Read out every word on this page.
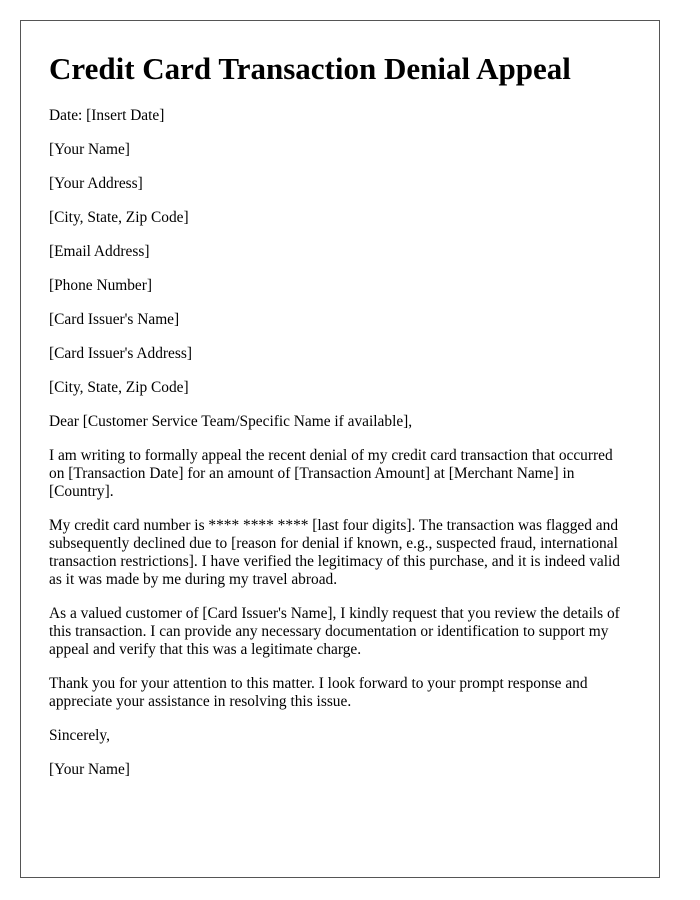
Credit Card Transaction Denial Appeal

Date: [Insert Date]

[Your Name]

[Your Address]

[City, State, Zip Code]

[Email Address]

[Phone Number]

[Card Issuer's Name]

[Card Issuer's Address]

[City, State, Zip Code]

Dear [Customer Service Team/Specific Name if available],

I am writing to formally appeal the recent denial of my credit card transaction that occurred on [Transaction Date] for an amount of [Transaction Amount] at [Merchant Name] in [Country].

My credit card number is **** **** **** [last four digits]. The transaction was flagged and subsequently declined due to [reason for denial if known, e.g., suspected fraud, international transaction restrictions]. I have verified the legitimacy of this purchase, and it is indeed valid as it was made by me during my travel abroad.

As a valued customer of [Card Issuer's Name], I kindly request that you review the details of this transaction. I can provide any necessary documentation or identification to support my appeal and verify that this was a legitimate charge.

Thank you for your attention to this matter. I look forward to your prompt response and appreciate your assistance in resolving this issue.

Sincerely,

[Your Name]
